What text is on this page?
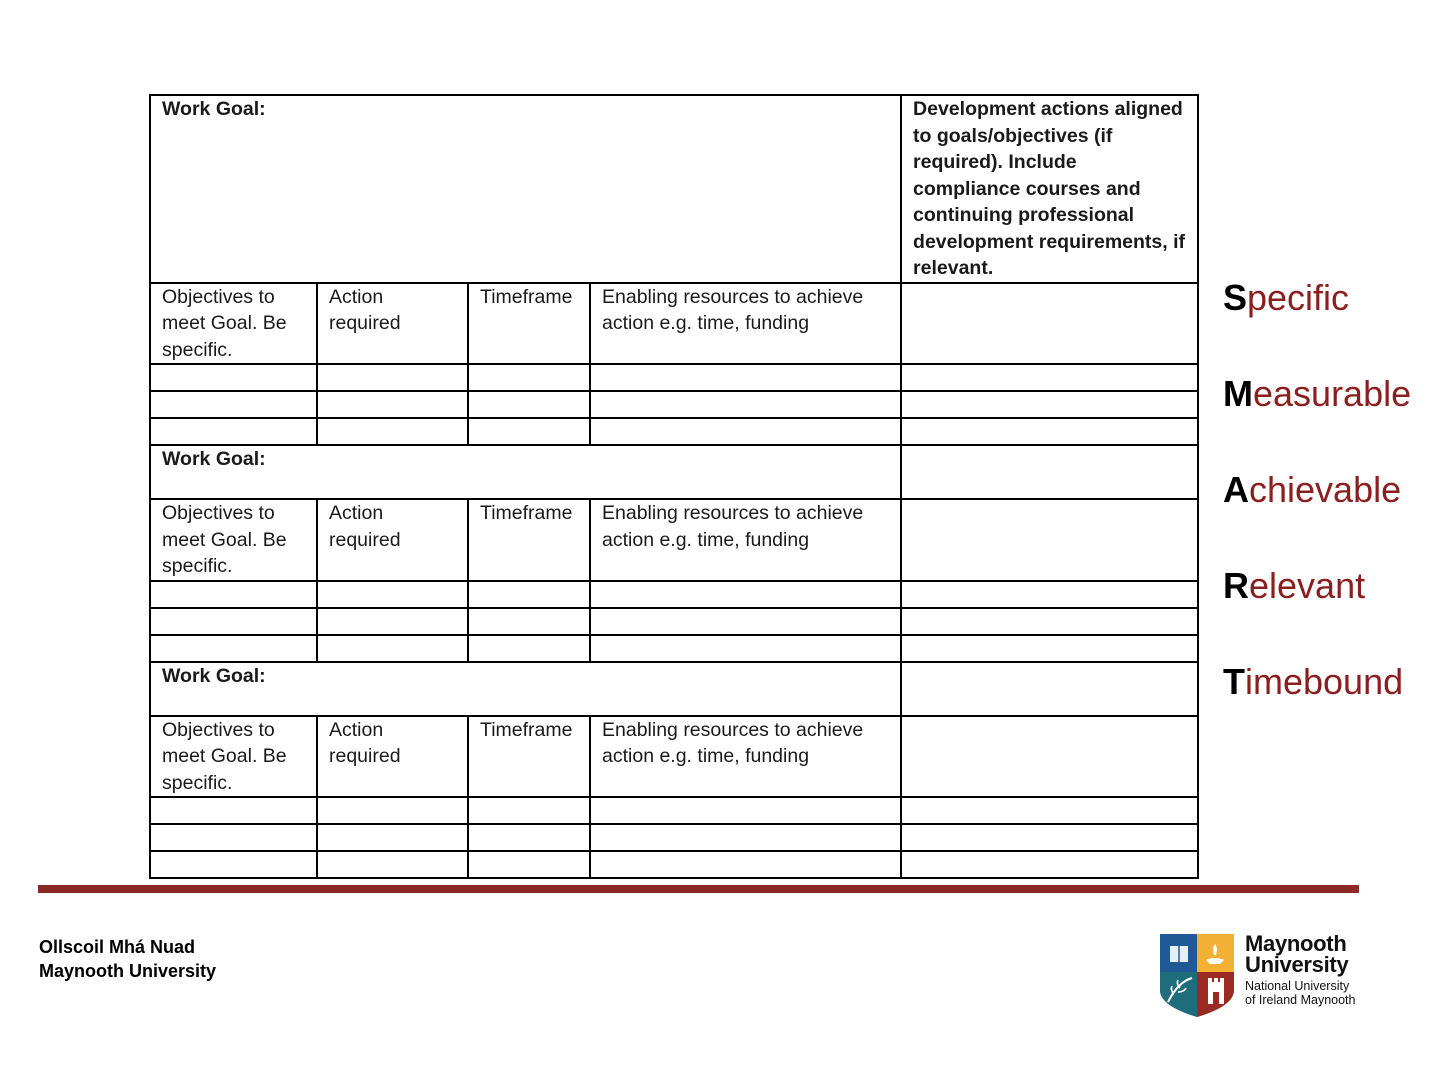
Work Goal:				Development actions aligned to goals/objectives (if required). Include compliance courses and continuing professional development requirements, if relevant.
Objectives to meet Goal. Be specific.	Action required	Timeframe	Enabling resources to achieve action e.g. time, funding	

Work Goal:				
Objectives to meet Goal. Be specific.	Action required	Timeframe	Enabling resources to achieve action e.g. time, funding	

Work Goal:				
Objectives to meet Goal. Be specific.	Action required	Timeframe	Enabling resources to achieve action e.g. time, funding	

Specific
Measurable
Achievable
Relevant
Timebound
Ollscoil Mhá Nuad
Maynooth University
Maynooth
University
National University
of Ireland Maynooth
